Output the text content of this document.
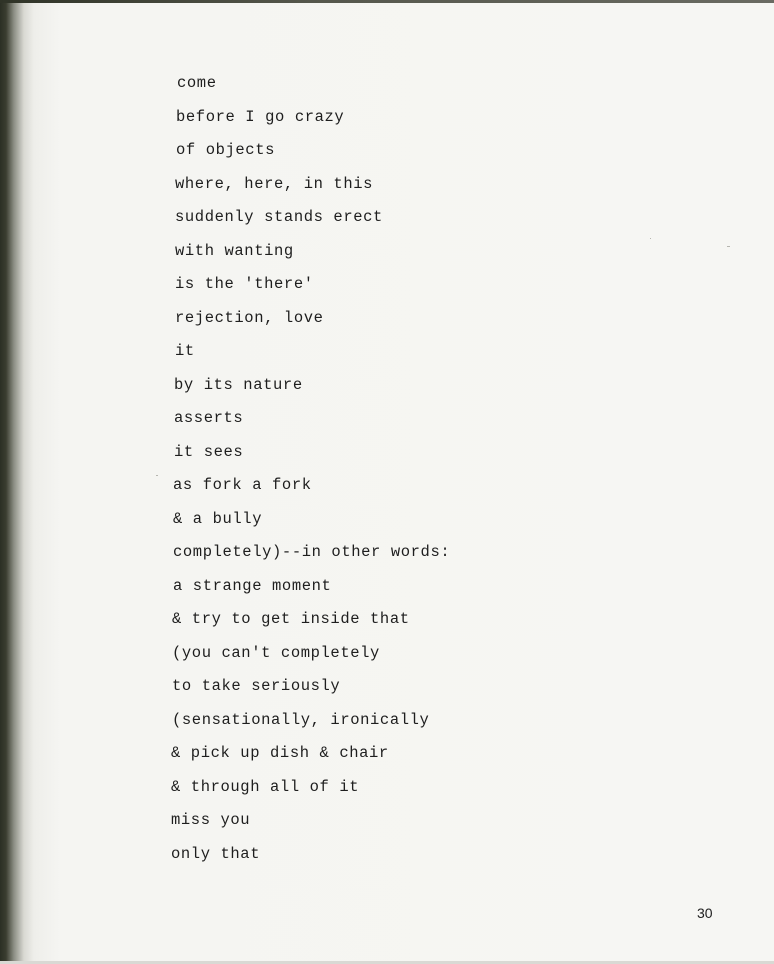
come
before I go crazy
of objects
where, here, in this
suddenly stands erect
with wanting
is the 'there'
rejection, love
it
by its nature
asserts
it sees
as fork a fork
& a bully
completely)--in other words:
a strange moment
& try to get inside that
(you can't completely
to take seriously
(sensationally, ironically
& pick up dish & chair
& through all of it
miss you
only that
30
